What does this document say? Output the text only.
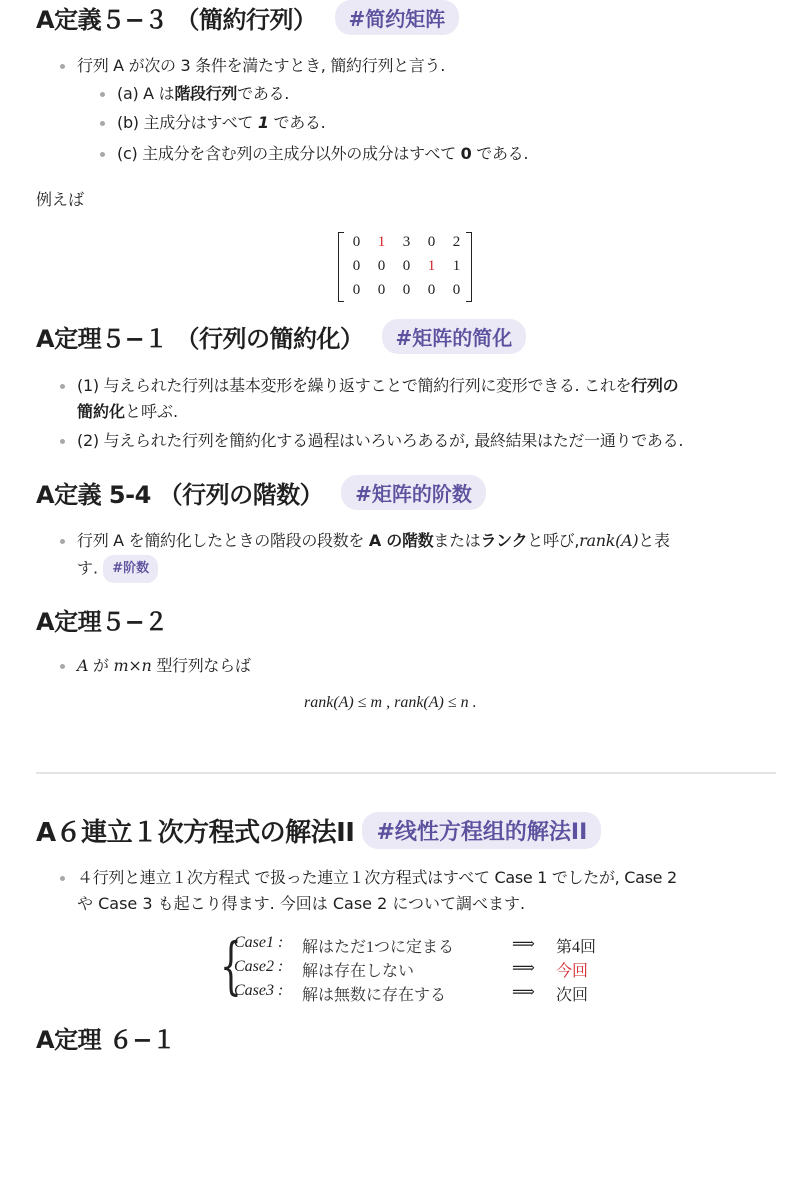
A定義５−３ （簡約行列）	#简约矩阵
行列 A が次の 3 条件を満たすとき, 簡約行列と言う.
(a) A は階段行列である.
(b) 主成分はすべて 1 である.
(c) 主成分を含む列の主成分以外の成分はすべて 0 である.
例えば
0	1	3	0	2
0	0	0	1	1
0	0	0	0	0
A定理５−１ （行列の簡約化）	#矩阵的简化
(1) 与えられた行列は基本変形を繰り返すことで簡約行列に変形できる. これを行列の
簡約化と呼ぶ.
(2) 与えられた行列を簡約化する過程はいろいろあるが, 最終結果はただ一通りである.
A定義 5-4 （行列の階数）	#矩阵的阶数
行列 A を簡約化したときの階段の段数を A の階数またはランクと呼び,rank(A)と表
す. #阶数
A定理５−２
A が m×n 型行列ならば
rank(A) ≤ m , rank(A) ≤ n .
A６連立１次方程式の解法II	#线性方程组的解法II
４行列と連立１次方程式 で扱った連立１次方程式はすべて Case 1 でしたが, Case 2
や Case 3 も起こり得ます. 今回は Case 2 について調べます.
{
Case1 : 解はただ1つに定まる	⟹ 第4回
Case2 : 解は存在しない	⟹ 今回
Case3 : 解は無数に存在する	⟹ 次回
A定理 ６−１
